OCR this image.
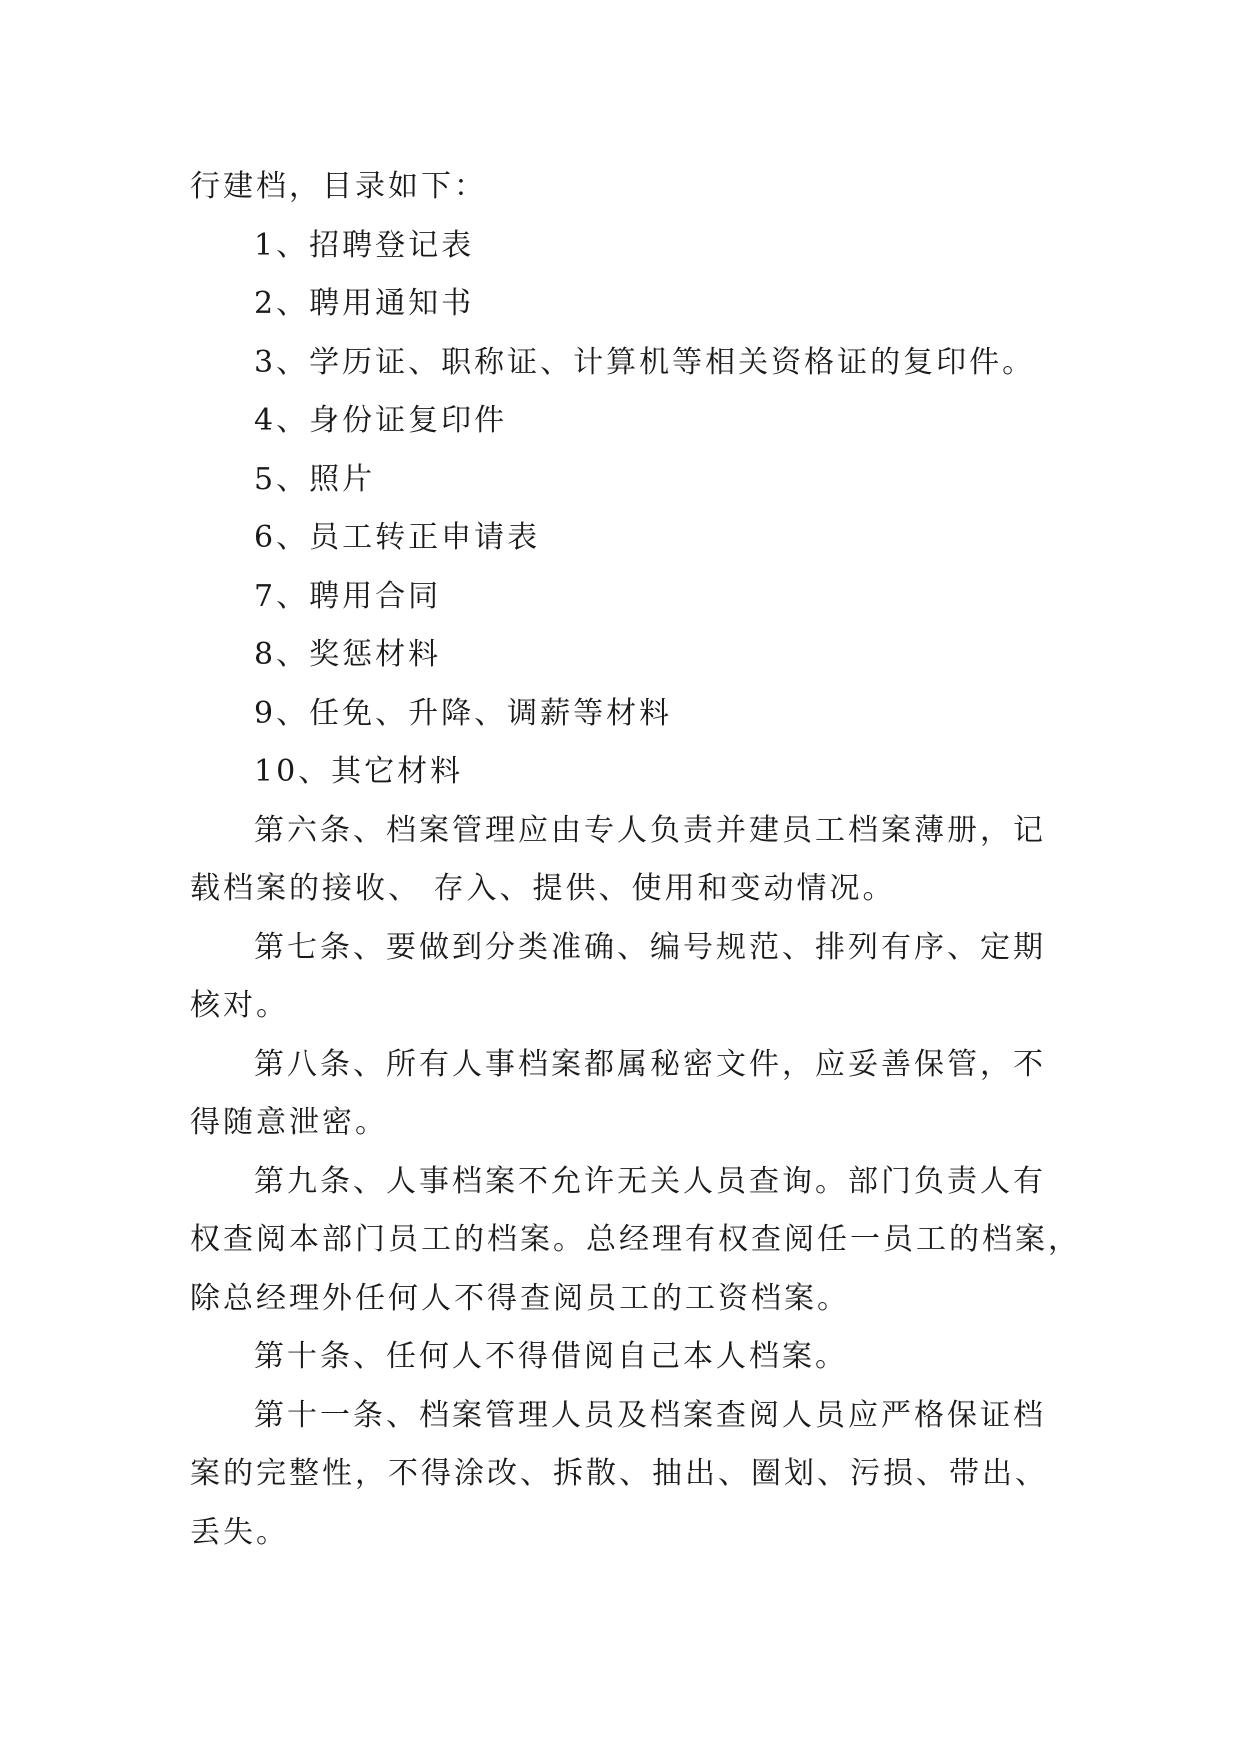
行建档，目录如下：
1、招聘登记表
2、聘用通知书
3、学历证、职称证、计算机等相关资格证的复印件。
4、身份证复印件
5、照片
6、员工转正申请表
7、聘用合同
8、奖惩材料
9、任免、升降、调薪等材料
10、其它材料
第六条、档案管理应由专人负责并建员工档案薄册，记
载档案的接收、 存入、提供、使用和变动情况。
第七条、要做到分类准确、编号规范、排列有序、定期
核对。
第八条、所有人事档案都属秘密文件，应妥善保管，不
得随意泄密。
第九条、人事档案不允许无关人员查询。部门负责人有
权查阅本部门员工的档案。总经理有权查阅任一员工的档案，
除总经理外任何人不得查阅员工的工资档案。
第十条、任何人不得借阅自己本人档案。
第十一条、档案管理人员及档案查阅人员应严格保证档
案的完整性，不得涂改、拆散、抽出、圈划、污损、带出、
丢失。
